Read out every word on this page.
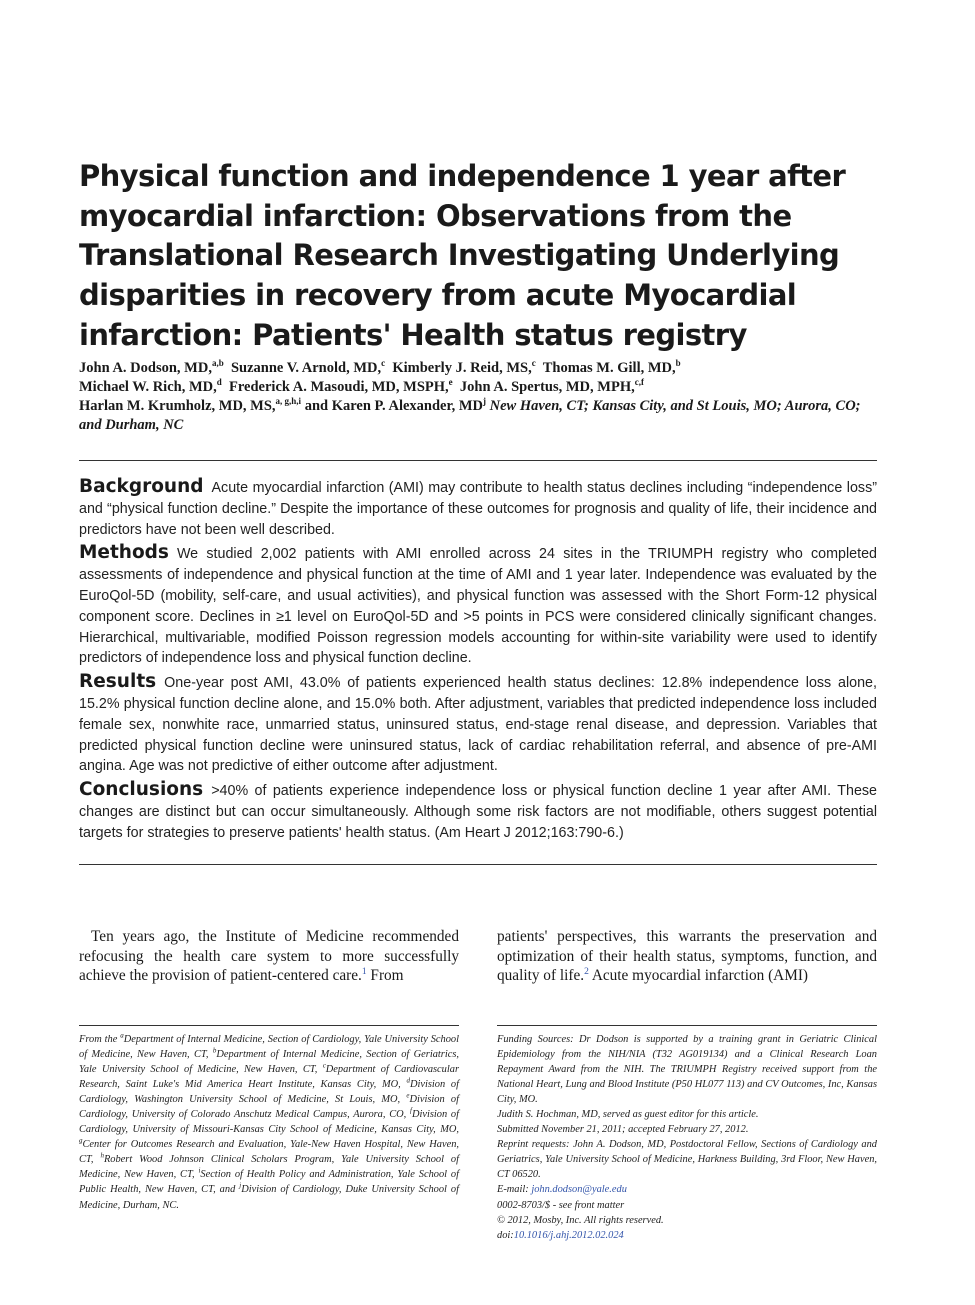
Physical function and independence 1 year after myocardial infarction: Observations from the Translational Research Investigating Underlying disparities in recovery from acute Myocardial infarction: Patients' Health status registry
John A. Dodson, MD,$^{a,b}$ Suzanne V. Arnold, MD,$^c$ Kimberly J. Reid, MS,$^c$ Thomas M. Gill, MD,$^b$
Michael W. Rich, MD,$^d$ Frederick A. Masoudi, MD, MSPH,$^e$ John A. Spertus, MD, MPH,$^{c,f}$
Harlan M. Krumholz, MD, MS,$^{a, g,h,i}$ and Karen P. Alexander, $MD^j$ New Haven, CT; Kansas City, and St Louis, MO; Aurora, CO; and Durham, NC

Background Acute myocardial infarction (AMI) may contribute to health status declines including “independence loss” and “physical function decline.” Despite the importance of these outcomes for prognosis and quality of life, their incidence and predictors have not been well described.

Methods We studied 2,002 patients with AMI enrolled across 24 sites in the TRIUMPH registry who completed assessments of independence and physical function at the time of AMI and 1 year later. Independence was evaluated by the EuroQol-5D (mobility, self-care, and usual activities), and physical function was assessed with the Short Form-12 physical component score. Declines in ≥1 level on EuroQol-5D and >5 points in PCS were considered clinically significant changes. Hierarchical, multivariable, modified Poisson regression models accounting for within-site variability were used to identify predictors of independence loss and physical function decline.

Results One-year post AMI, 43.0% of patients experienced health status declines: 12.8% independence loss alone, 15.2% physical function decline alone, and 15.0% both. After adjustment, variables that predicted independence loss included female sex, nonwhite race, unmarried status, uninsured status, end-stage renal disease, and depression. Variables that predicted physical function decline were uninsured status, lack of cardiac rehabilitation referral, and absence of pre-AMI angina. Age was not predictive of either outcome after adjustment.

Conclusions >40% of patients experience independence loss or physical function decline 1 year after AMI. These changes are distinct but can occur simultaneously. Although some risk factors are not modifiable, others suggest potential targets for strategies to preserve patients' health status. (Am Heart J 2012;163:790-6.)

Ten years ago, the Institute of Medicine recommended refocusing the health care system to more successfully achieve the provision of patient-centered care.$^1$ From

patients' perspectives, this warrants the preservation and optimization of their health status, symptoms, function, and quality of life.$^2$ Acute myocardial infarction (AMI)

From the $^a$Department of Internal Medicine, Section of Cardiology, Yale University School of Medicine, New Haven, CT, $^b$Department of Internal Medicine, Section of Geriatrics, Yale University School of Medicine, New Haven, CT, $^c$Department of Cardiovascular Research, Saint Luke's Mid America Heart Institute, Kansas City, MO, $^d$Division of Cardiology, Washington University School of Medicine, St Louis, MO, $^e$Division of Cardiology, University of Colorado Anschutz Medical Campus, Aurora, CO, $^f$Division of Cardiology, University of Missouri-Kansas City School of Medicine, Kansas City, MO, $^g$Center for Outcomes Research and Evaluation, Yale-New Haven Hospital, New Haven, CT, $^h$Robert Wood Johnson Clinical Scholars Program, Yale University School of Medicine, New Haven, CT, $^i$Section of Health Policy and Administration, Yale School of Public Health, New Haven, CT, and $^j$Division of Cardiology, Duke University School of Medicine, Durham, NC.

Funding Sources: Dr Dodson is supported by a training grant in Geriatric Clinical Epidemiology from the NIH/NIA (T32 AG019134) and a Clinical Research Loan Repayment Award from the NIH. The TRIUMPH Registry received support from the National Heart, Lung and Blood Institute (P50 HL077 113) and CV Outcomes, Inc, Kansas City, MO.

Judith S. Hochman, MD, served as guest editor for this article.

Submitted November 21, 2011; accepted February 27, 2012.

Reprint requests: John A. Dodson, MD, Postdoctoral Fellow, Sections of Cardiology and Geriatrics, Yale University School of Medicine, Harkness Building, 3rd Floor, New Haven, CT 06520.

E-mail: john.dodson@yale.edu

0002-8703/$ - see front matter

© 2012, Mosby, Inc. All rights reserved.

doi:10.1016/j.ahj.2012.02.024
